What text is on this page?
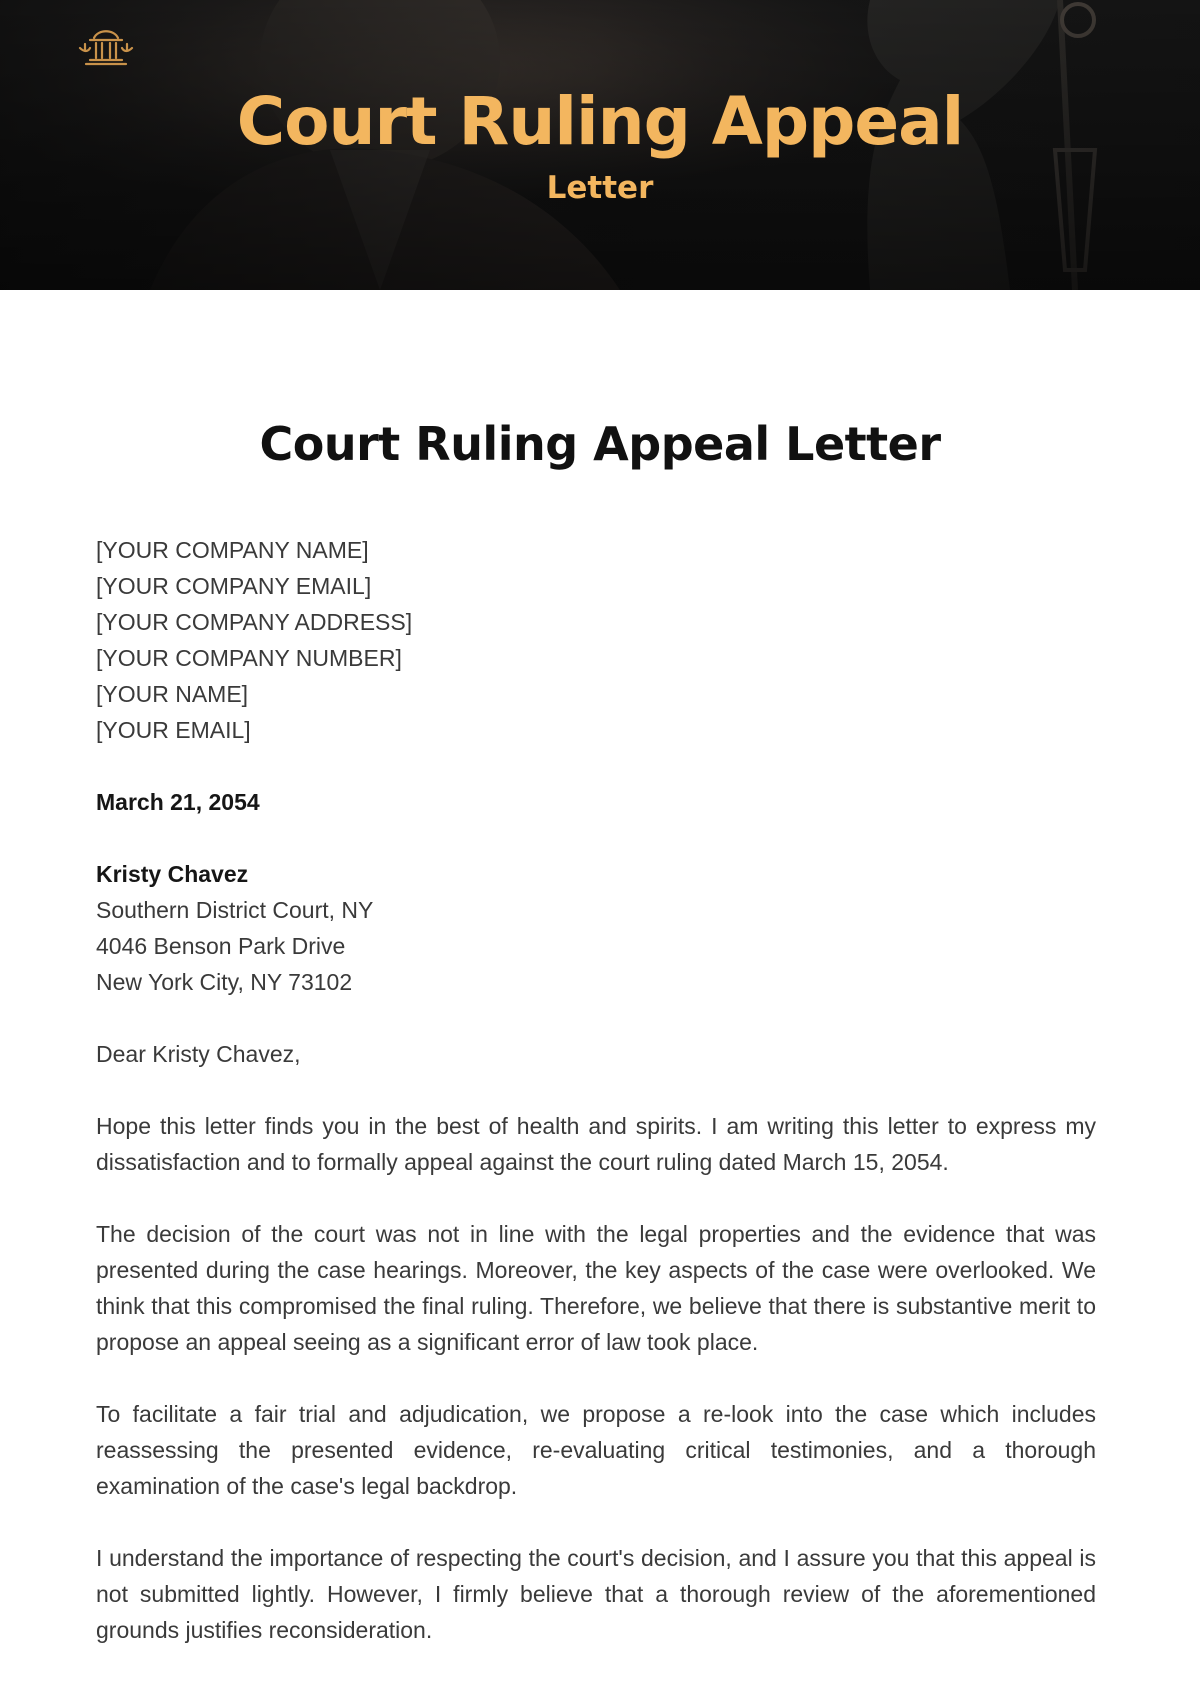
Court Ruling Appeal
Letter
Court Ruling Appeal Letter
[YOUR COMPANY NAME]
[YOUR COMPANY EMAIL]
[YOUR COMPANY ADDRESS]
[YOUR COMPANY NUMBER]
[YOUR NAME]
[YOUR EMAIL]
March 21, 2054
Kristy Chavez
Southern District Court, NY
4046 Benson Park Drive
New York City, NY 73102
Dear Kristy Chavez,

Hope this letter finds you in the best of health and spirits. I am writing this letter to express my dissatisfaction and to formally appeal against the court ruling dated March 15, 2054.

The decision of the court was not in line with the legal properties and the evidence that was presented during the case hearings. Moreover, the key aspects of the case were overlooked. We think that this compromised the final ruling. Therefore, we believe that there is substantive merit to propose an appeal seeing as a significant error of law took place.

To facilitate a fair trial and adjudication, we propose a re-look into the case which includes reassessing the presented evidence, re-evaluating critical testimonies, and a thorough examination of the case's legal backdrop.

I understand the importance of respecting the court's decision, and I assure you that this appeal is not submitted lightly. However, I firmly believe that a thorough review of the aforementioned grounds justifies reconsideration.
